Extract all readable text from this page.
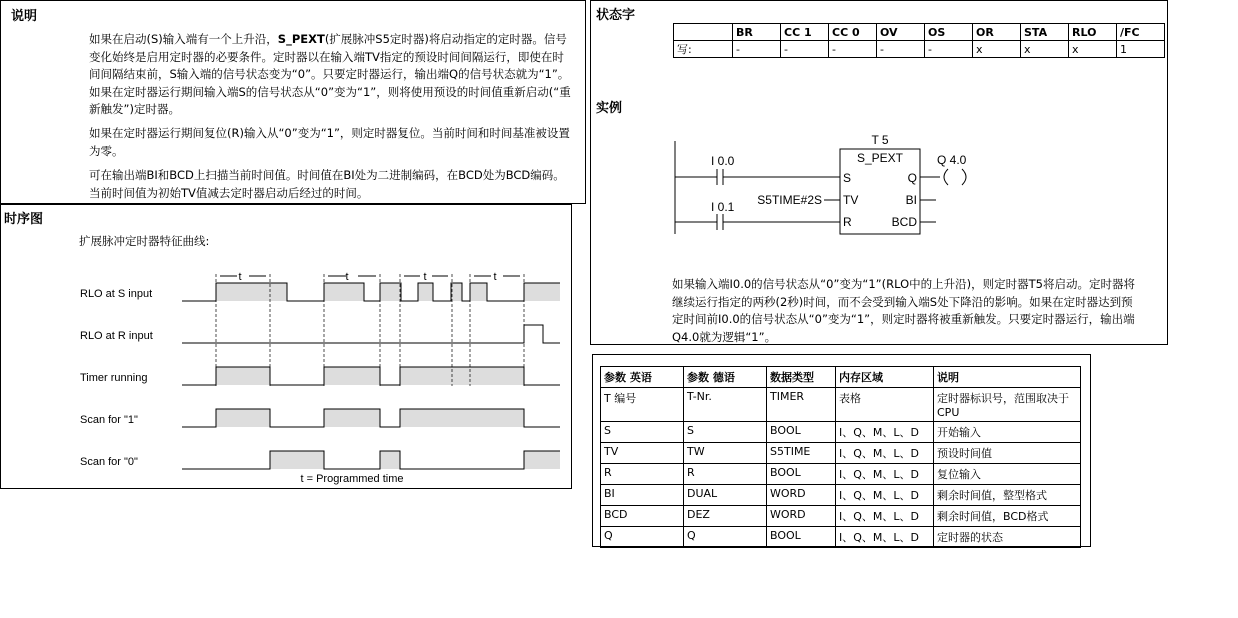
说明
如果在启动(S)输入端有一个上升沿，S_PEXT(扩展脉冲S5定时器)将启动指定的定时器。信号变化始终是启用定时器的必要条件。定时器以在输入端TV指定的预设时间间隔运行，即使在时间间隔结束前，S输入端的信号状态变为“0”。只要定时器运行，输出端Q的信号状态就为“1”。如果在定时器运行期间输入端S的信号状态从“0”变为“1”，则将使用预设的时间值重新启动(“重新触发”)定时器。
如果在定时器运行期间复位(R)输入从“0”变为“1”，则定时器复位。当前时间和时间基准被设置为零。
可在输出端BI和BCD上扫描当前时间值。时间值在BI处为二进制编码，在BCD处为BCD编码。当前时间值为初始TV值减去定时器启动后经过的时间。
时序图
扩展脉冲定时器特征曲线:
RLO at S input
RLO at R input
Timer running
Scan for "1"
Scan for "0"
t	t	t	t
t = Programmed time
状态字
	BR	CC 1	CC 0	OV	OS	OR	STA	RLO	/FC
写:	-	-	-	-	-	x	x	x	1
实例
T 5
S_PEXT
I 0.0
I 0.1 S5TIME#2S
Q 4.0
S
TV
R
Q
BI
BCD
如果输入端I0.0的信号状态从“0”变为“1”(RLO中的上升沿)，则定时器T5将启动。定时器将继续运行指定的两秒(2秒)时间，而不会受到输入端S处下降沿的影响。如果在定时器达到预定时间前I0.0的信号状态从“0”变为“1”，则定时器将被重新触发。只要定时器运行，输出端Q4.0就为逻辑“1”。
参数 英语	参数 德语	数据类型	内存区域	说明
T 编号	T-Nr.	TIMER	表格	定时器标识号，范围取决于CPU
S	S	BOOL	I、Q、M、L、D	开始输入
TV	TW	S5TIME	I、Q、M、L、D	预设时间值
R	R	BOOL	I、Q、M、L、D	复位输入
BI	DUAL	WORD	I、Q、M、L、D	剩余时间值，整型格式
BCD	DEZ	WORD	I、Q、M、L、D	剩余时间值，BCD格式
Q	Q	BOOL	I、Q、M、L、D	定时器的状态
